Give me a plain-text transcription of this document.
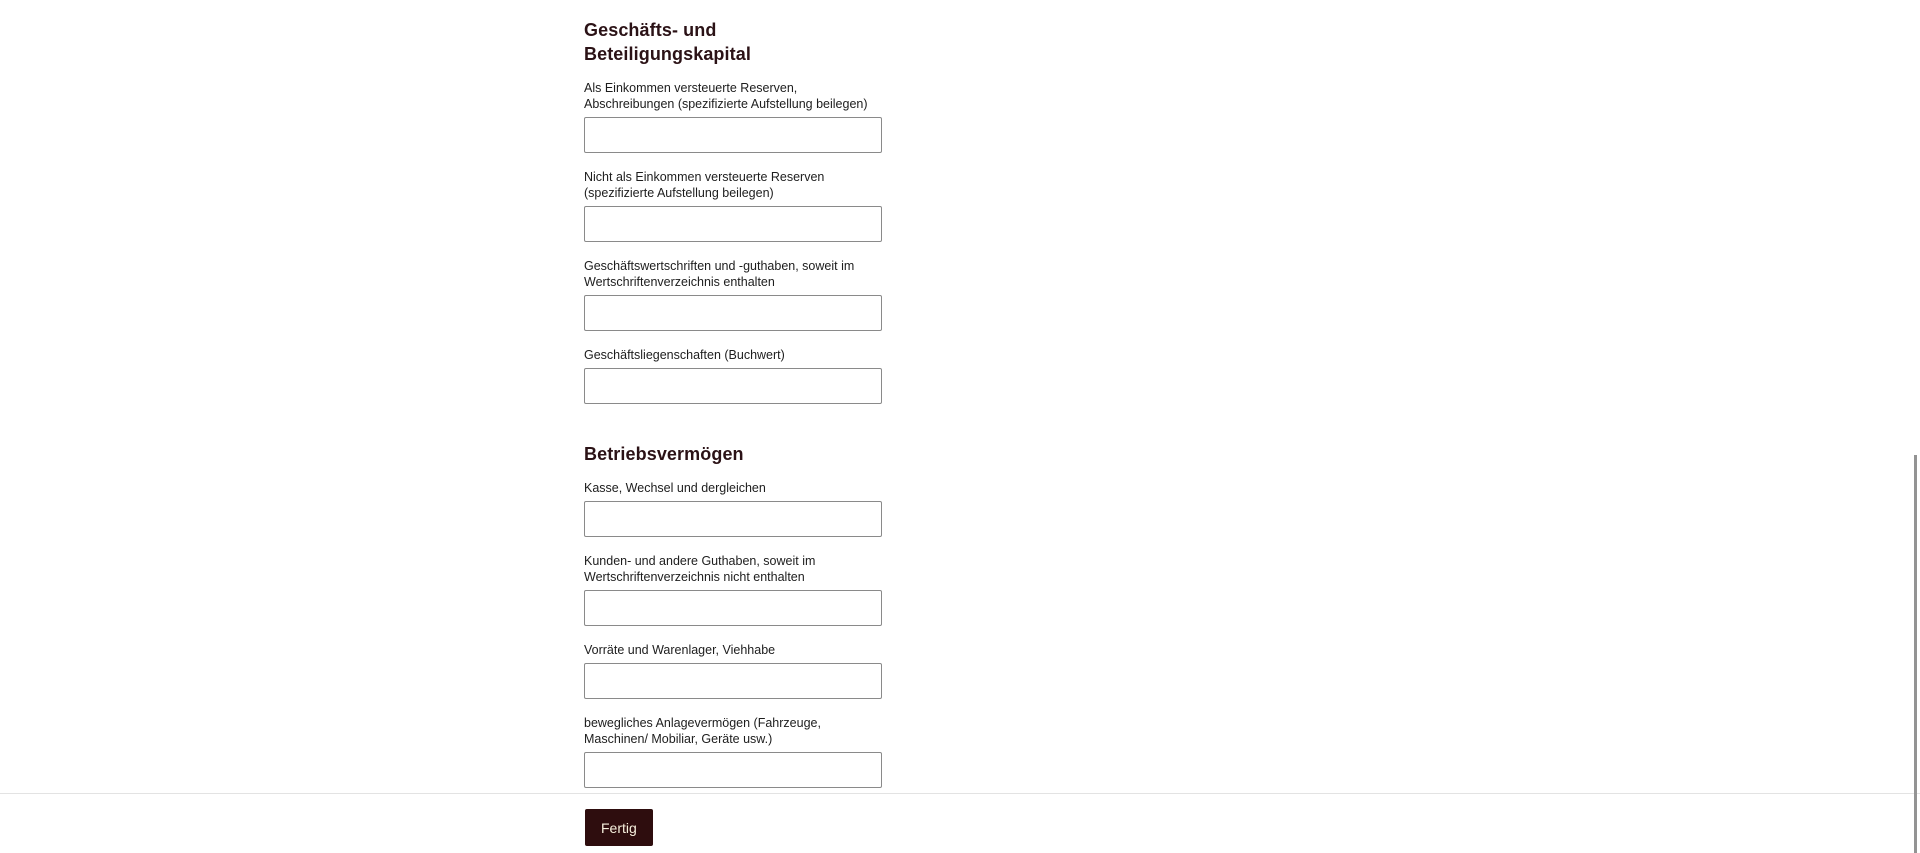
Geschäfts- und Beteiligungskapital
Als Einkommen versteuerte Reserven, Abschreibungen (spezifizierte Aufstellung beilegen)
Nicht als Einkommen versteuerte Reserven (spezifizierte Aufstellung beilegen)
Geschäftswertschriften und -guthaben, soweit im Wertschriftenverzeichnis enthalten
Geschäftsliegenschaften (Buchwert)
Betriebsvermögen
Kasse, Wechsel und dergleichen
Kunden- und andere Guthaben, soweit im Wertschriftenverzeichnis nicht enthalten
Vorräte und Warenlager, Viehhabe
bewegliches Anlagevermögen (Fahrzeuge, Maschinen/ Mobiliar, Geräte usw.)
Fertig
